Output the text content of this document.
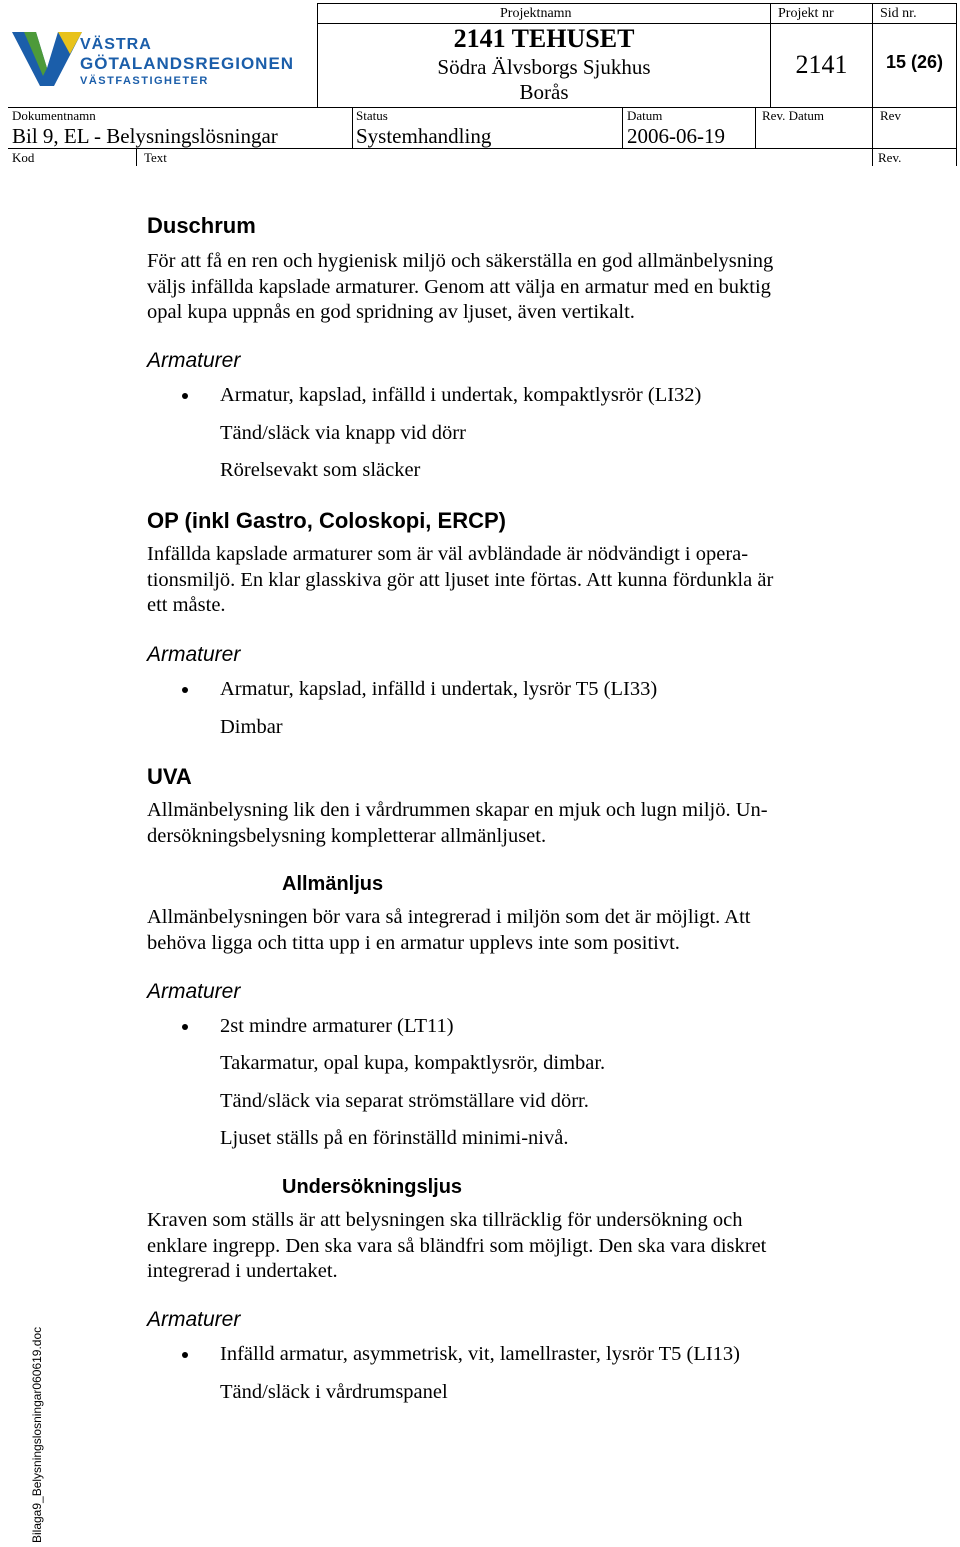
VÄSTRA
GÖTALANDSREGIONEN
VÄSTFASTIGHETER
Projektnamn	Projekt nr	Sid nr.
2141 TEHUSET
Södra Älvsborgs Sjukhus
Borås
2141	15 (26)
Dokumentnamn	Status	Datum	Rev. Datum	Rev
Bil 9, EL - Belysningslösningar	Systemhandling	2006-06-19
Kod	Text	Rev.
Duschrum
För att få en ren och hygienisk miljö och säkerställa en god allmänbelysning
väljs infällda kapslade armaturer. Genom att välja en armatur med en buktig
opal kupa uppnås en god spridning av ljuset, även vertikalt.
Armaturer
Armatur, kapslad, infälld i undertak, kompaktlysrör (LI32)
Tänd/släck via knapp vid dörr
Rörelsevakt som släcker
OP (inkl Gastro, Coloskopi, ERCP)
Infällda kapslade armaturer som är väl avbländade är nödvändigt i opera-
tionsmiljö. En klar glasskiva gör att ljuset inte förtas. Att kunna fördunkla är
ett måste.
Armaturer
Armatur, kapslad, infälld i undertak, lysrör T5 (LI33)
Dimbar
UVA
Allmänbelysning lik den i vårdrummen skapar en mjuk och lugn miljö. Un-
dersökningsbelysning kompletterar allmänljuset.
Allmänljus
Allmänbelysningen bör vara så integrerad i miljön som det är möjligt. Att
behöva ligga och titta upp i en armatur upplevs inte som positivt.
Armaturer
2st mindre armaturer (LT11)
Takarmatur, opal kupa, kompaktlysrör, dimbar.
Tänd/släck via separat strömställare vid dörr.
Ljuset ställs på en förinställd minimi-nivå.
Undersökningsljus
Kraven som ställs är att belysningen ska tillräcklig för undersökning och
enklare ingrepp. Den ska vara så bländfri som möjligt. Den ska vara diskret
integrerad i undertaket.
Armaturer
Infälld armatur, asymmetrisk, vit, lamellraster, lysrör T5 (LI13)
Tänd/släck i vårdrumspanel
Bilaga9_Belysningslosningar060619.doc
